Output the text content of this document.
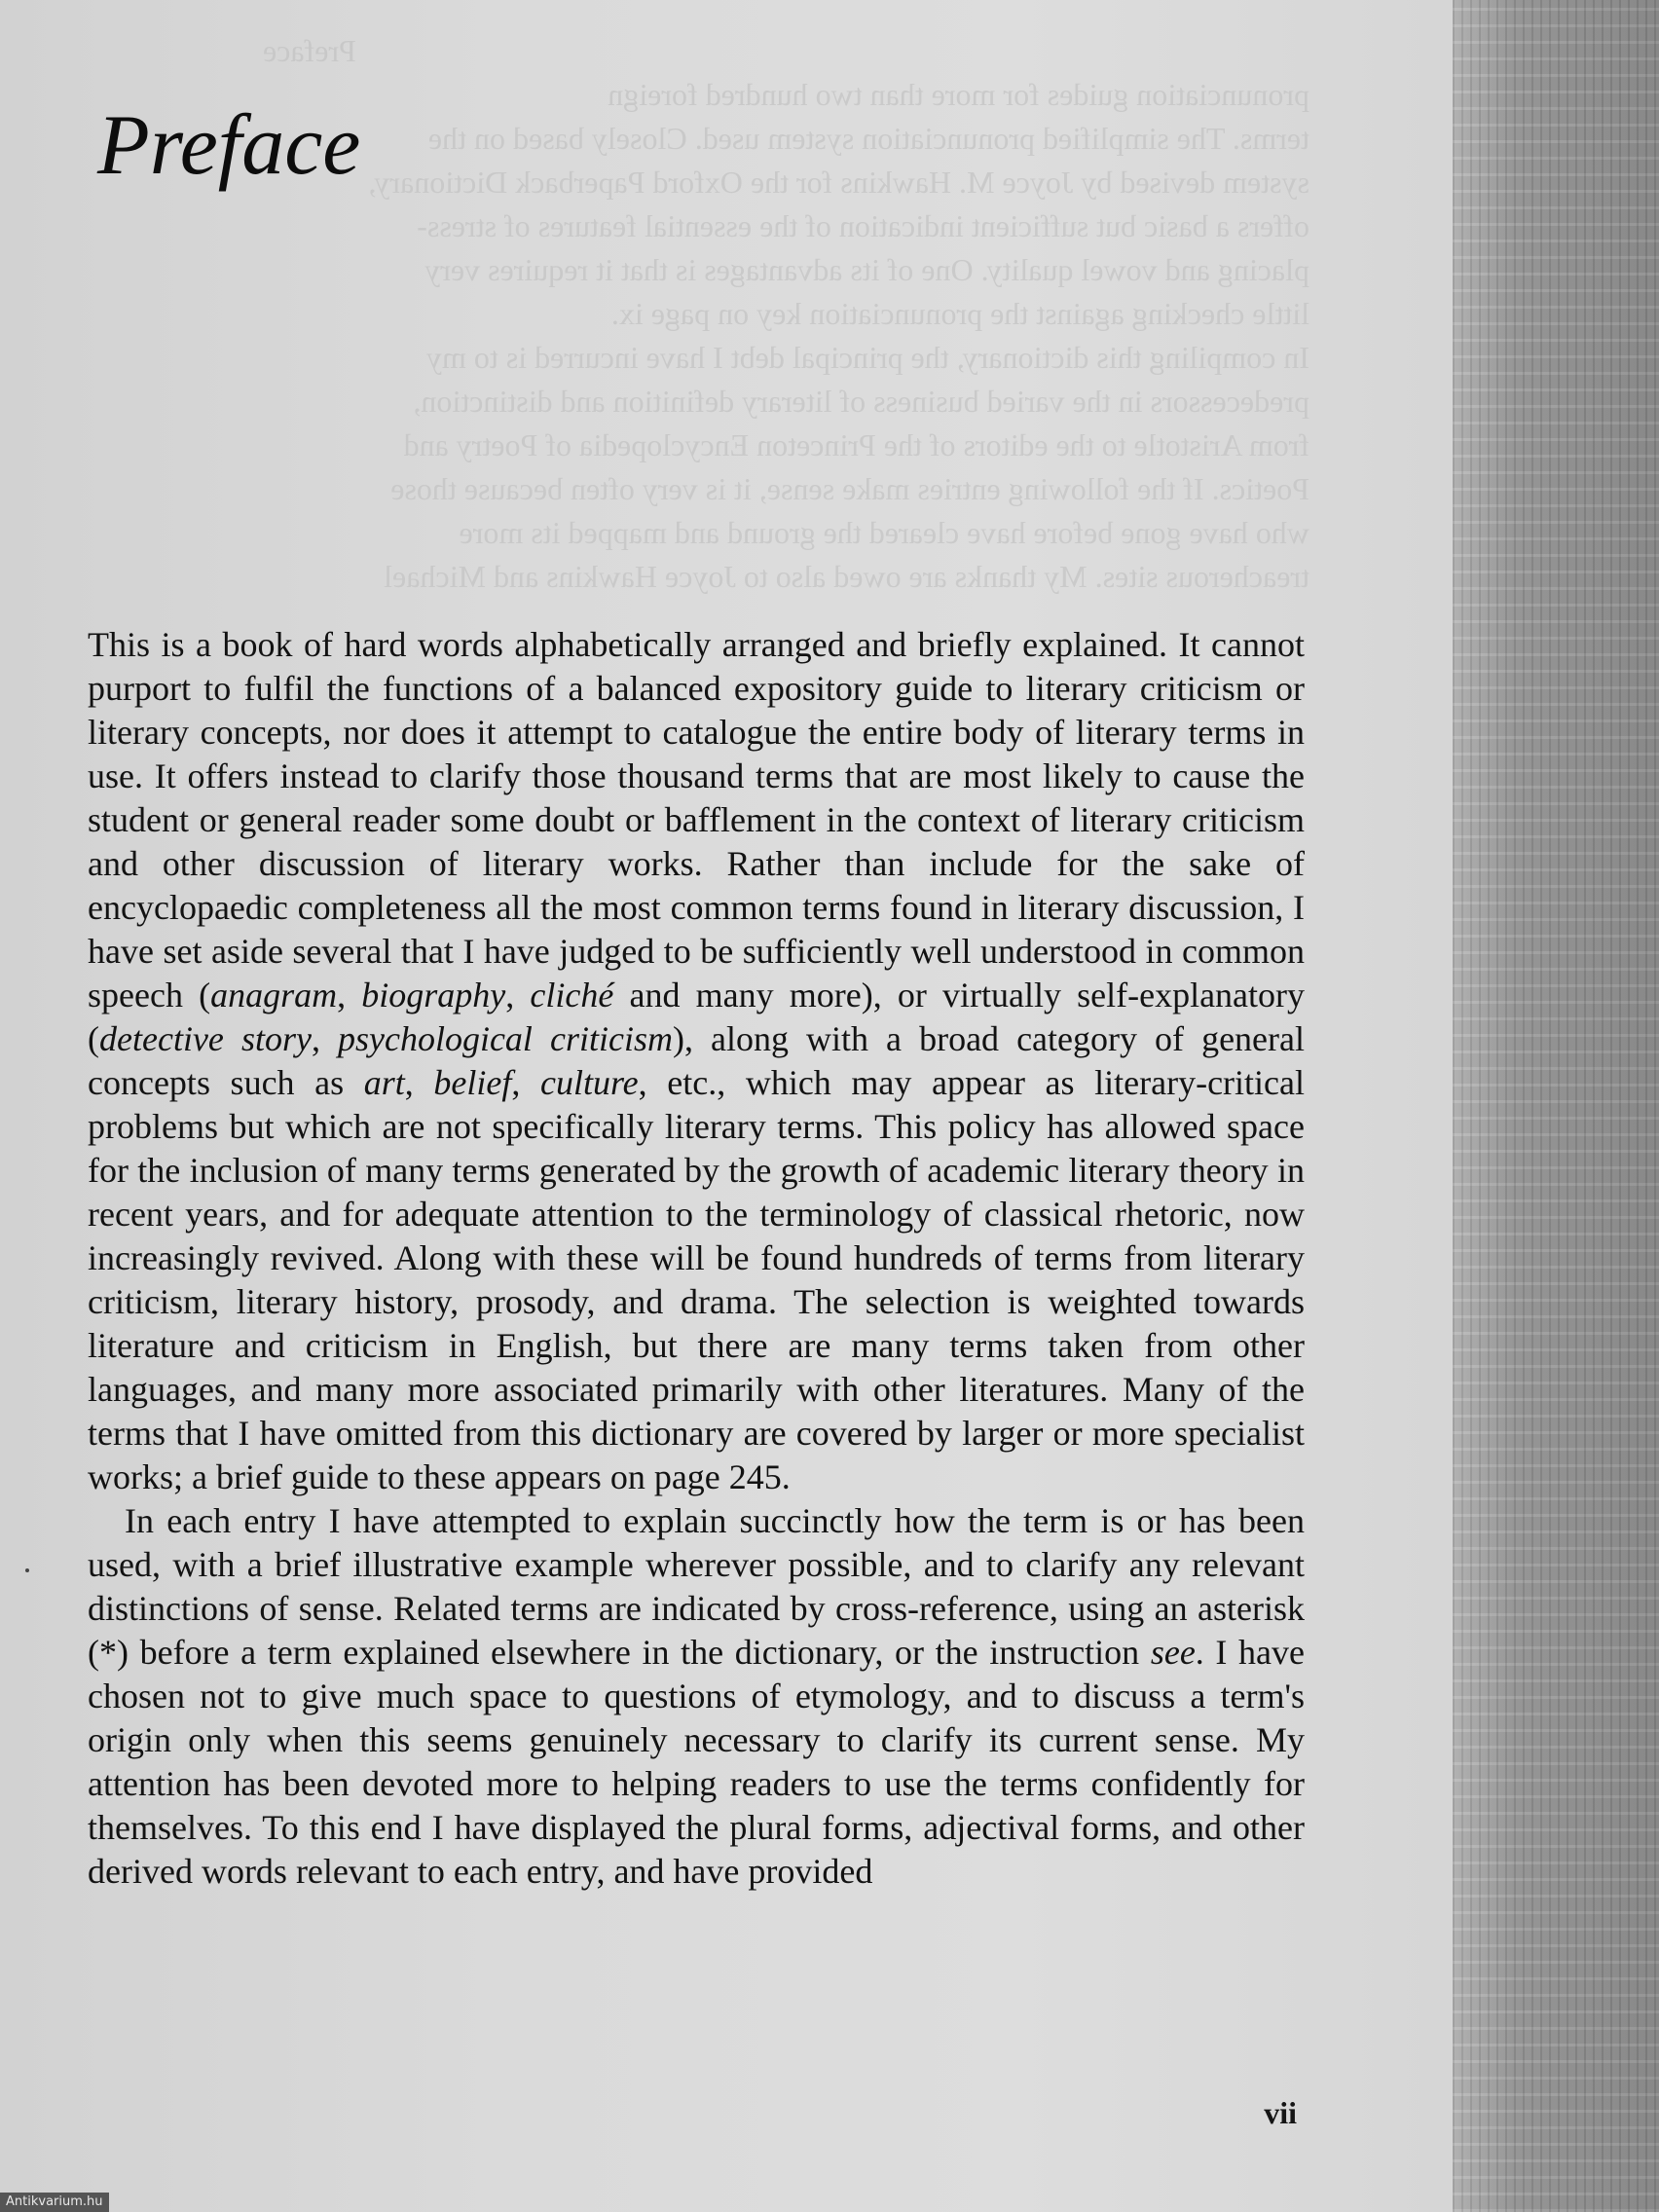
Preface

pronunciation guides for more than two hundred foreign

terms. The simplified pronunciation system used. Closely based on the

system devised by Joyce M. Hawkins for the Oxford Paperback Dictionary,

offers a basic but sufficient indication of the essential features of stress-

placing and vowel quality. One of its advantages is that it requires very

little checking against the pronunciation key on page ix.

In compiling this dictionary, the principal debt I have incurred is to my

predecessors in the varied business of literary definition and distinction,

from Aristotle to the editors of the Princeton Encyclopedia of Poetry and

Poetics. If the following entries make sense, it is very often because those

who have gone before have cleared the ground and mapped its more

treacherous sites. My thanks are owed also to Joyce Hawkins and Michael

Preface

This is a book of hard words alphabetically arranged and briefly explained. It cannot purport to fulfil the functions of a balanced expository guide to literary criticism or literary concepts, nor does it attempt to catalogue the entire body of literary terms in use. It offers instead to clarify those thousand terms that are most likely to cause the student or general reader some doubt or bafflement in the context of literary criticism and other discussion of literary works. Rather than include for the sake of encyclopaedic completeness all the most common terms found in literary discussion, I have set aside several that I have judged to be sufficiently well understood in common speech (anagram, biography, cliché and many more), or virtually self-explanatory (detective story, psychological criticism), along with a broad category of general concepts such as art, belief, culture, etc., which may appear as literary-critical problems but which are not specifically literary terms. This policy has allowed space for the inclusion of many terms generated by the growth of academic literary theory in recent years, and for adequate attention to the terminology of classical rhetoric, now increasingly revived. Along with these will be found hundreds of terms from literary criticism, literary history, prosody, and drama. The selection is weighted towards literature and criticism in English, but there are many terms taken from other languages, and many more associated primarily with other literatures. Many of the terms that I have omitted from this dictionary are covered by larger or more specialist works; a brief guide to these appears on page 245.

In each entry I have attempted to explain succinctly how the term is or has been used, with a brief illustrative example wherever possible, and to clarify any relevant distinctions of sense. Related terms are indicated by cross-reference, using an asterisk (*) before a term explained elsewhere in the dictionary, or the instruction see. I have chosen not to give much space to questions of etymology, and to discuss a term's origin only when this seems genuinely necessary to clarify its current sense. My attention has been devoted more to helping readers to use the terms confidently for themselves. To this end I have displayed the plural forms, adjectival forms, and other derived words relevant to each entry, and have provided

vii
Antikvarium.hu
